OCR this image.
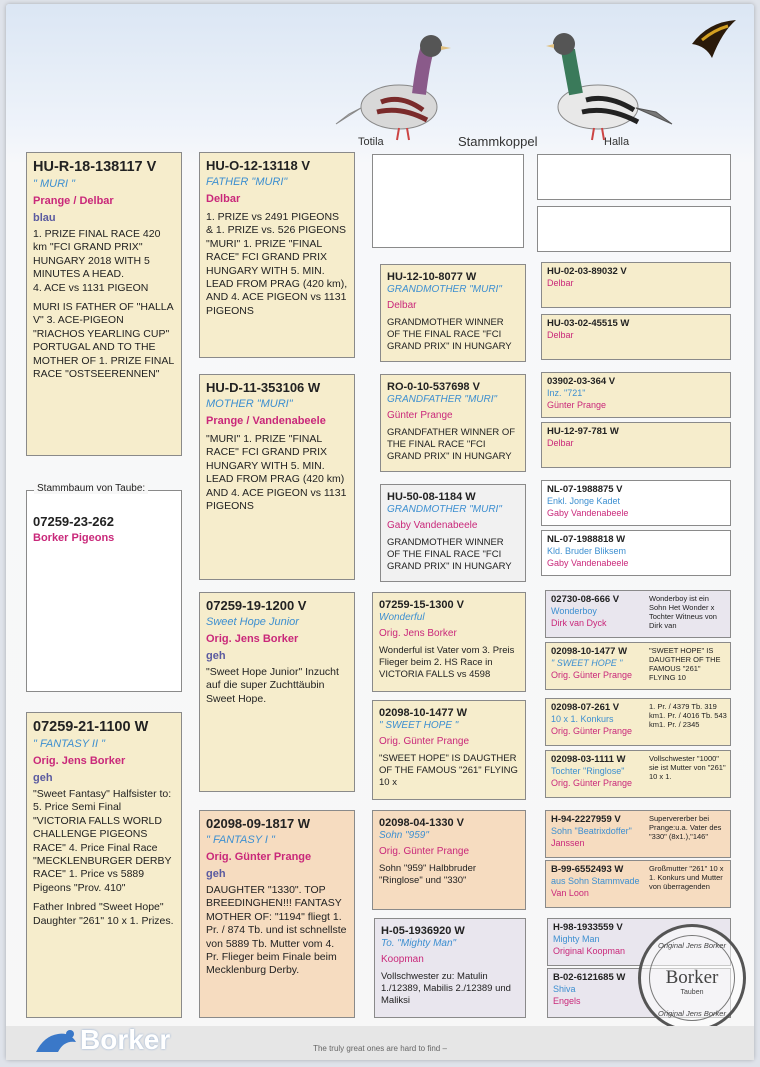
Totila	Stammkoppel	Halla
HU-R-18-138117 V
" MURI "
Prange / Delbar
blau
1. PRIZE FINAL RACE 420 km "FCI GRAND PRIX" HUNGARY 2018 WITH 5 MINUTES A HEAD.
4. ACE vs 1131 PIGEON
MURI IS FATHER OF "HALLA V" 3. ACE-PIGEON "RIACHOS YEARLING CUP" PORTUGAL AND TO THE MOTHER OF 1. PRIZE FINAL RACE "OSTSEERENNEN"
07259-23-262
Borker Pigeons
Stammbaum von Taube:
07259-21-1100 W
" FANTASY II "
Orig. Jens Borker
geh
"Sweet Fantasy" Halfsister to: 5. Price Semi Final "VICTORIA FALLS WORLD CHALLENGE PIGEONS RACE" 4. Price Final Race "MECKLENBURGER DERBY RACE" 1. Price vs 5889 Pigeons "Prov. 410"
Father Inbred "Sweet Hope" Daughter "261" 10 x 1. Prizes.
HU-O-12-13118 V
FATHER "MURI"
Delbar
1. PRIZE vs 2491 PIGEONS & 1. PRIZE vs. 526 PIGEONS "MURI" 1. PRIZE "FINAL RACE" FCI GRAND PRIX HUNGARY WITH 5. MIN. LEAD FROM PRAG (420 km), AND 4. ACE PIGEON vs 1131 PIGEONS
HU-D-11-353106 W
MOTHER "MURI"
Prange / Vandenabeele
"MURI" 1. PRIZE "FINAL RACE" FCI GRAND PRIX HUNGARY WITH 5. MIN. LEAD FROM PRAG (420 km) AND 4. ACE PIGEON vs 1131 PIGEONS
07259-19-1200 V
Sweet Hope Junior
Orig. Jens Borker
geh
"Sweet Hope Junior" Inzucht auf die super Zuchttäubin Sweet Hope.
02098-09-1817 W
" FANTASY I "
Orig. Günter Prange
geh
DAUGHTER "1330". TOP BREEDINGHEN!!! FANTASY MOTHER OF: "1194" fliegt 1. Pr. / 874 Tb. und ist schnellste von 5889 Tb. Mutter vom 4. Pr. Flieger beim Finale beim Mecklenburg Derby.
HU-12-10-8077 W
GRANDMOTHER "MURI"
Delbar
GRANDMOTHER WINNER OF THE FINAL RACE "FCI GRAND PRIX" IN HUNGARY
RO-0-10-537698 V
GRANDFATHER "MURI"
Günter Prange
GRANDFATHER WINNER OF THE FINAL RACE "FCI GRAND PRIX" IN HUNGARY
HU-50-08-1184 W
GRANDMOTHER "MURI"
Gaby Vandenabeele
GRANDMOTHER WINNER OF THE FINAL RACE "FCI GRAND PRIX" IN HUNGARY
07259-15-1300 V
Wonderful
Orig. Jens Borker
Wonderful ist Vater vom 3. Preis Flieger beim 2. HS Race in VICTORIA FALLS vs 4598
02098-10-1477 W
" SWEET HOPE "
Orig. Günter Prange
"SWEET HOPE" IS DAUGTHER OF THE FAMOUS "261" FLYING 10 x
02098-04-1330 V
Sohn "959"
Orig. Günter Prange
Sohn "959" Halbbruder "Ringlose" und "330"
H-05-1936920 W
To. "Mighty Man"
Koopman
Vollschwester zu: Matulin 1./12389, Mabilis 2./12389 und Maliksi
HU-02-03-89032 V
Delbar
HU-03-02-45515 W
Delbar
03902-03-364 V
Inz. "721"
Günter Prange
HU-12-97-781 W
Delbar
NL-07-1988875 V
Enkl. Jonge Kadet
Gaby Vandenabeele
NL-07-1988818 W
Kld. Bruder Bliksem
Gaby Vandenabeele
02730-08-666 V
Wonderboy
Dirk van Dyck
Wonderboy ist ein Sohn Het Wonder x Tochter Witneus von Dirk van
02098-10-1477 W
" SWEET HOPE "
Orig. Günter Prange
"SWEET HOPE" IS DAUGTHER OF THE FAMOUS "261" FLYING 10
02098-07-261 V
10 x 1. Konkurs
Orig. Günter Prange
1. Pr. / 4379 Tb. 319 km1. Pr. / 4016 Tb. 543 km1. Pr. / 2345
02098-03-1111 W
Tochter "Ringlose"
Orig. Günter Prange
Vollschwester "1000" sie ist Mutter von "261" 10 x 1.
H-94-2227959 V
Sohn "Beatrixdoffer"
Janssen
Supervererber bei Prange:u.a. Vater des "330" (8x1.),"146"
B-99-6552493 W
aus Sohn Stammvade
Van Loon
Großmutter "261" 10 x 1. Konkurs und Mutter von überragenden
H-98-1933559 V
Mighty Man
Original Koopman
B-02-6121685 W
Shiva
Engels
Original Jens Borker
Borker
Tauben
Original Jens Borker
Borker	The truly great ones are hard to find –
